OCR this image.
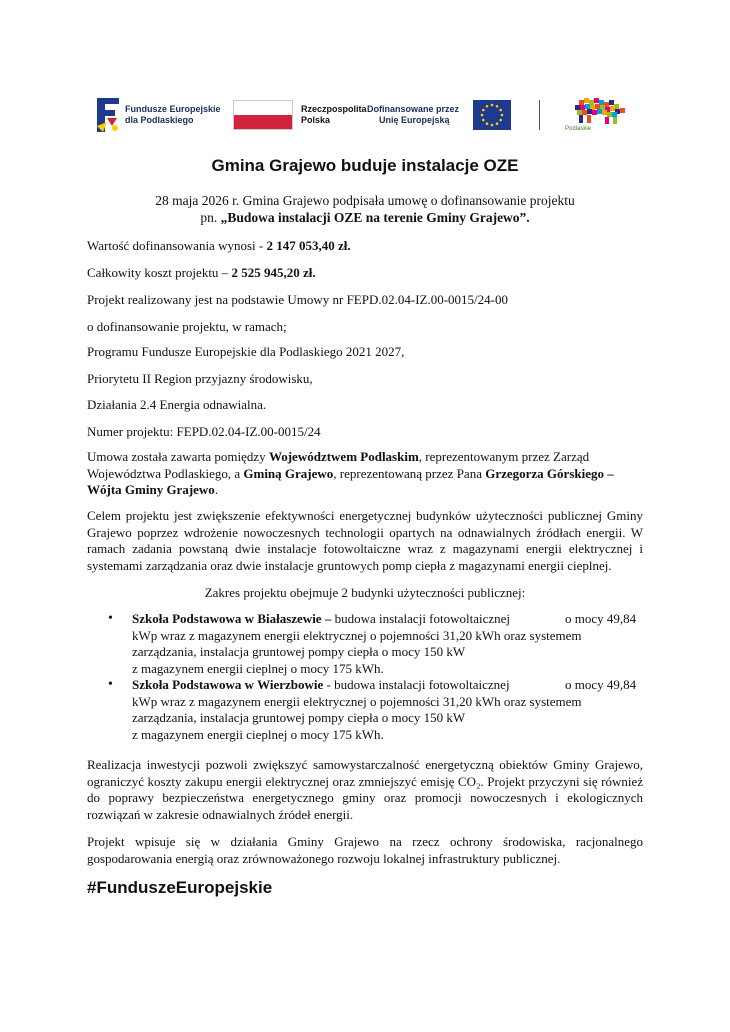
Fundusze Europejskie
dla Podlaskiego
Rzeczpospolita
Polska
Dofinansowane przez
Unię Europejską
Podlaskie
Gmina Grajewo buduje instalacje OZE
28 maja 2026 r. Gmina Grajewo podpisała umowę o dofinansowanie projektu
pn. „Budowa instalacji OZE na terenie Gminy Grajewo”.
Wartość dofinansowania wynosi - 2 147 053,40 zł.
Całkowity koszt projektu – 2 525 945,20 zł.
Projekt realizowany jest na podstawie Umowy nr FEPD.02.04-IZ.00-0015/24-00
o dofinansowanie projektu, w ramach;
Programu Fundusze Europejskie dla Podlaskiego 2021 2027,
Priorytetu II Region przyjazny środowisku,
Działania 2.4 Energia odnawialna.
Numer projektu: FEPD.02.04-IZ.00-0015/24
Umowa została zawarta pomiędzy Województwem Podlaskim, reprezentowanym przez Zarząd Województwa Podlaskiego, a Gminą Grajewo, reprezentowaną przez Pana Grzegorza Górskiego – Wójta Gminy Grajewo.
Celem projektu jest zwiększenie efektywności energetycznej budynków użyteczności publicznej Gminy Grajewo poprzez wdrożenie nowoczesnych technologii opartych na odnawialnych źródłach energii. W ramach zadania powstaną dwie instalacje fotowoltaiczne wraz z magazynami energii elektrycznej i systemami zarządzania oraz dwie instalacje gruntowych pomp ciepła z magazynami energii cieplnej.
Zakres projektu obejmuje 2 budynki użyteczności publicznej:
• Szkoła Podstawowa w Białaszewie – budowa instalacji fotowoltaicznej	o mocy 49,84
kWp wraz z magazynem energii elektrycznej o pojemności 31,20 kWh oraz systemem
zarządzania, instalacja gruntowej pompy ciepła o mocy 150 kW
z magazynem energii cieplnej o mocy 175 kWh.
• Szkoła Podstawowa w Wierzbowie - budowa instalacji fotowoltaicznej	o mocy 49,84
kWp wraz z magazynem energii elektrycznej o pojemności 31,20 kWh oraz systemem
zarządzania, instalacja gruntowej pompy ciepła o mocy 150 kW
z magazynem energii cieplnej o mocy 175 kWh.
Realizacja inwestycji pozwoli zwiększyć samowystarczalność energetyczną obiektów Gminy Grajewo, ograniczyć koszty zakupu energii elektrycznej oraz zmniejszyć emisję CO₂. Projekt przyczyni się również do poprawy bezpieczeństwa energetycznego gminy oraz promocji nowoczesnych i ekologicznych rozwiązań w zakresie odnawialnych źródeł energii.
Projekt wpisuje się w działania Gminy Grajewo na rzecz ochrony środowiska, racjonalnego gospodarowania energią oraz zrównoważonego rozwoju lokalnej infrastruktury publicznej.
#FunduszeEuropejskie
